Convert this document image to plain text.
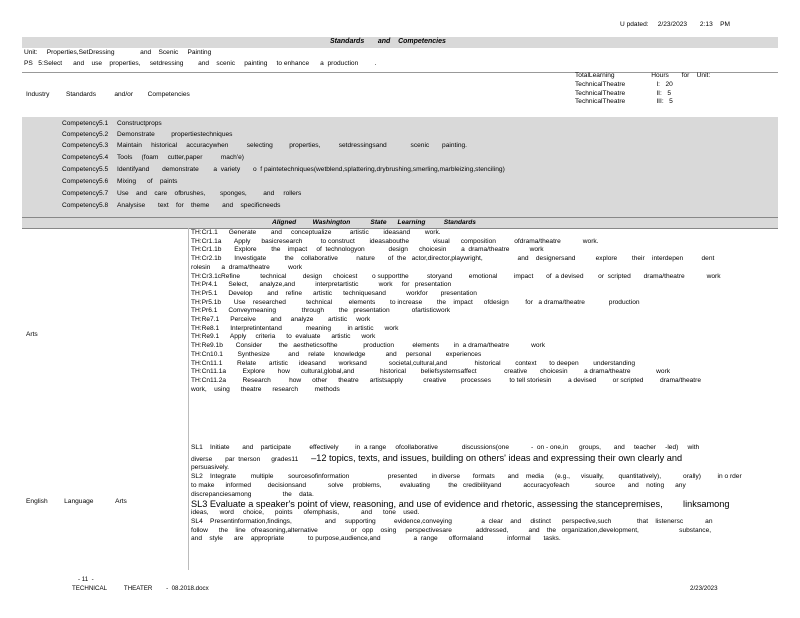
U pdated:     2/23/2023       2:13    PM
Standards       and    Competencies
Unit:     Properties,SetDressing              and    Scenic     Painting
PS   5:Select      and    use    properties,     setdressing        and    scenic     painting     to enhance      a  production         .
Industry         Standards          and/or        Competencies
TotalLearning                    Hours       for    Unit:
TechnicalTheatre                 I:   20
TechnicalTheatre                 II:   5
TechnicalTheatre                 III:   5
Competency5.1 Constructprops
Competency5.2 Demonstrate         propertiestechniques
Competency5.3 Maintain     historical     accuracywhen          selecting         properties,          setdressingsand             scenic       painting.
Competency5.4 Tools     (foam     cutter,paper          mach'e)
Competency5.5 Identifyand       demonstrate        a  variety       o  f paintetechniques(wetblend,splattering,drybrushing,smerling,marbleizing,stenciling)
Competency5.6 Mixing      of    paints
Competency5.7 Use    and    care    ofbrushes,        sponges,         and     rollers
Competency5.8 Analysise       text    for    theme       and    specificneeds
Aligned         Washington           State      Learning          Standards
Arts
TH:Cr1.1      Generate        and     conceptualize          artistic        ideasand        work.
TH:Cr1.1a       Apply      basicresearch          to construct        ideasabouthe             visual      composition          ofdrama/theatre            work.
TH:Cr1.1b       Explore        the    impact     of  technologyon             design      choicesin        a  drama/theatre           work
TH:Cr2.1b       Investigate          the    collaborative          nature       of  the   actor,director,playwright,                   and    designersand           explore        their    interdepen          dent
rolesin      a  drama/theatre          work
TH:Cr3.1cRefine           technical         design      choicest        o supportthe          storyand         emotional         impact       of  a devised        or  scripted       drama/theatre            work
TH:Pr4.1      Select,      analyze,and           interpretartistic           work     for   presentation
TH:Pr5.1      Develop        and    refine      artistic      techniquesand           workfor       presentation
TH:Pr5.1b       Use    researched           technical         elements        to increase        the    impact      ofdesign         for   a drama/theatre             production
TH:Pr6.1      Conveymeaning              through        the   presentation            ofartisticwork
TH:Re7.1      Perceive        and     analyze        artistic     work
TH:Re8.1      Interpretintentand             meaning         in artistic      work
TH:Re9.1      Apply     criteria      to  evaluate      artistic      work
TH:Re9.1b       Consider         the   aestheticsofthe              production          elements        in  a drama/theatre            work
TH:Cn10.1        Synthesize          and     relate     knowledge           and     personal        experiences
TH:Cn11.1        Relate       artistic      ideasand       worksand            societal,cultural,and               historical        context       to deepen        understanding
TH:Cn11.1a         Explore       how      cultural,global,and              historical        beliefsystemsaffect               creative       choicesin         a drama/theatre              work
TH:Cn11.2a         Research          how      other      theatre      artistsapply           creative        processes          to tell storiesin         a devised         or scripted         drama/theatre
work,    using      theatre      research         methods
English         Language            Arts
SL1    Initiate       and    participate          effectively         in  a range     ofcollaborative             discussions(one            -  on - one,in      groups,       and     teacher     -led)     with
diverse       par  tnerson      grades11       –12 topics, texts, and issues, building on others' ideas and expressing their own clearly and
persuasively.
SL2    Integrate        multiple        sourcesofinformation                     presented        in diverse       formats       and    media      (e.g.,      visually,        quantitatively),            orally)         in o rder
to make      informed         decisionsand            solve     problems,          evaluating          the   credibilityand            accuracyofeach              source       and    noting      any
discrepanciesamong                 the    data.
SL3 Evaluate a speaker's point of view, reasoning, and use of evidence and rhetoric, assessing the stancepremises,        linksamong
ideas,      word     choice,      points      ofemphasis,            and      tone    used.
SL4    Presentinformation,findings,                  and     supporting          evidence,conveying                a  clear    and     distinct      perspective,such              that    listenersc            an
follow      the    line   ofreasoning,alternative                  or   opp    osing     perspectivesare             addressed,           and    the   organization,development,                      substance,
and    style      are    appropriate             to purpose,audience,and                  a  range      offormaland             informal       tasks.
- 11  -
TECHNICAL          THEATER        -  08.2018.docx	2/23/2023
